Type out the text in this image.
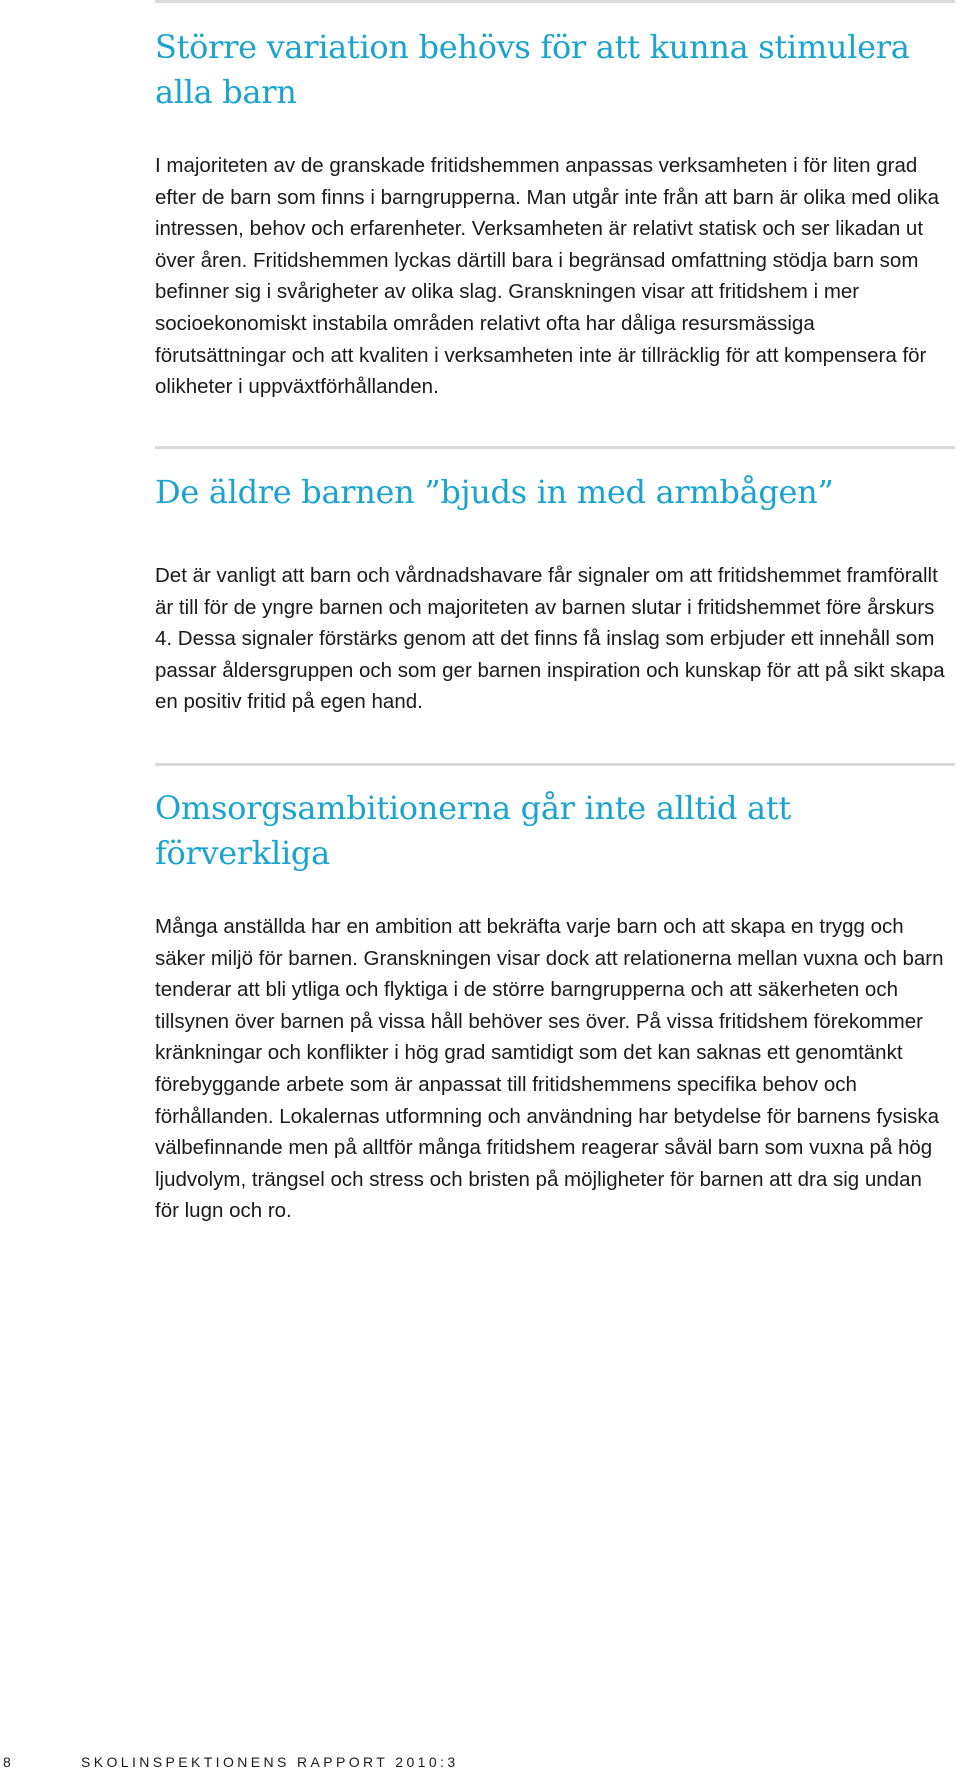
Större variation behövs för att kunna stimulera alla barn

I majoriteten av de granskade fritidshemmen anpassas verksamheten i för liten grad efter de barn som finns i barngrupperna. Man utgår inte från att barn är olika med olika intressen, behov och erfarenheter. Verksamheten är relativt statisk och ser likadan ut över åren. Fritidshemmen lyckas därtill bara i begränsad omfattning stödja barn som befinner sig i svårigheter av olika slag. Granskningen visar att fritidshem i mer socioekonomiskt instabila områden relativt ofta har dåliga resursmässiga förutsättningar och att kvaliten i verksamheten inte är tillräcklig för att kompensera för olikheter i uppväxtförhållanden.

De äldre barnen ”bjuds in med armbågen”

Det är vanligt att barn och vårdnadshavare får signaler om att fritidshemmet framförallt är till för de yngre barnen och majoriteten av barnen slutar i fritidshemmet före årskurs 4. Dessa signaler förstärks genom att det finns få inslag som erbjuder ett innehåll som passar åldersgruppen och som ger barnen inspiration och kunskap för att på sikt skapa en positiv fritid på egen hand.

Omsorgsambitionerna går inte alltid att förverkliga

Många anställda har en ambition att bekräfta varje barn och att skapa en trygg och säker miljö för barnen. Granskningen visar dock att relationerna mellan vuxna och barn tenderar att bli ytliga och flyktiga i de större barngrupperna och att säkerheten och tillsynen över barnen på vissa håll behöver ses över. På vissa fritidshem förekommer kränkningar och konflikter i hög grad samtidigt som det kan saknas ett genomtänkt förebyggande arbete som är anpassat till fritidshemmens specifika behov och förhållanden. Lokalernas utformning och användning har betydelse för barnens fysiska välbefinnande men på alltför många fritidshem reagerar såväl barn som vuxna på hög ljudvolym, trängsel och stress och bristen på möjligheter för barnen att dra sig undan för lugn och ro.

8	SKOLINSPEKTIONENS RAPPORT 2010:3
